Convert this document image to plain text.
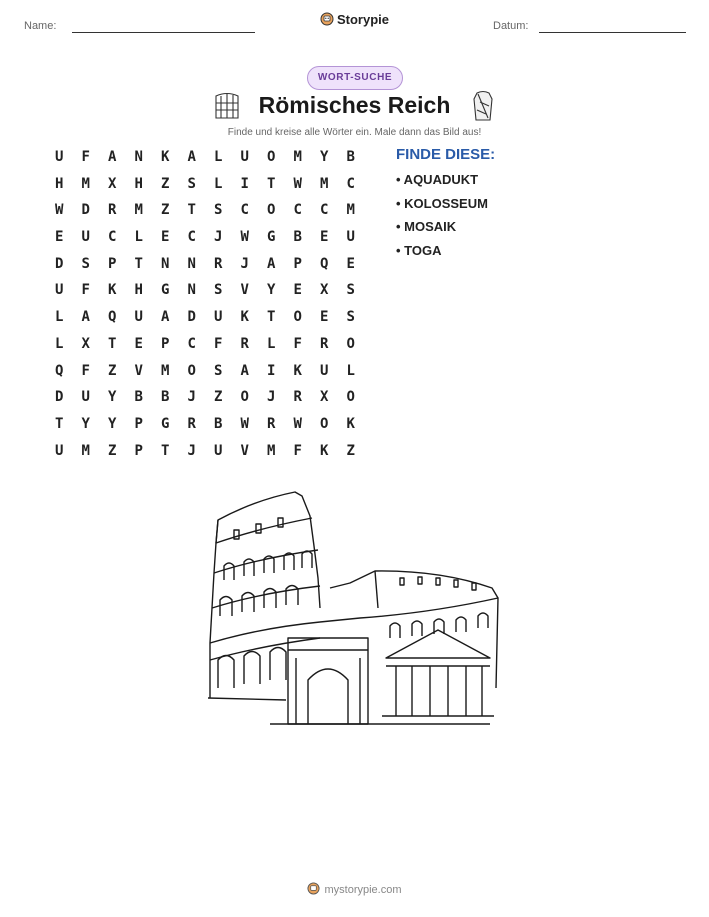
Name:	Storypie	Datum:
WORT-SUCHE
Römisches Reich
Finde und kreise alle Wörter ein. Male dann das Bild aus!
U	F	A	N	K	A	L	U	O	M	Y	B
H	M	X	H	Z	S	L	I	T	W	M	C
W	D	R	M	Z	T	S	C	O	C	C	M
E	U	C	L	E	C	J	W	G	B	E	U
D	S	P	T	N	N	R	J	A	P	Q	E
U	F	K	H	G	N	S	V	Y	E	X	S
L	A	Q	U	A	D	U	K	T	O	E	S
L	X	T	E	P	C	F	R	L	F	R	O
Q	F	Z	V	M	O	S	A	I	K	U	L
D	U	Y	B	B	J	Z	O	J	R	X	O
T	Y	Y	P	G	R	B	W	R	W	O	K
U	M	Z	P	T	J	U	V	M	F	K	Z
FINDE DIESE:
• AQUADUKT
• KOLOSSEUM
• MOSAIK
• TOGA
mystorypie.com
